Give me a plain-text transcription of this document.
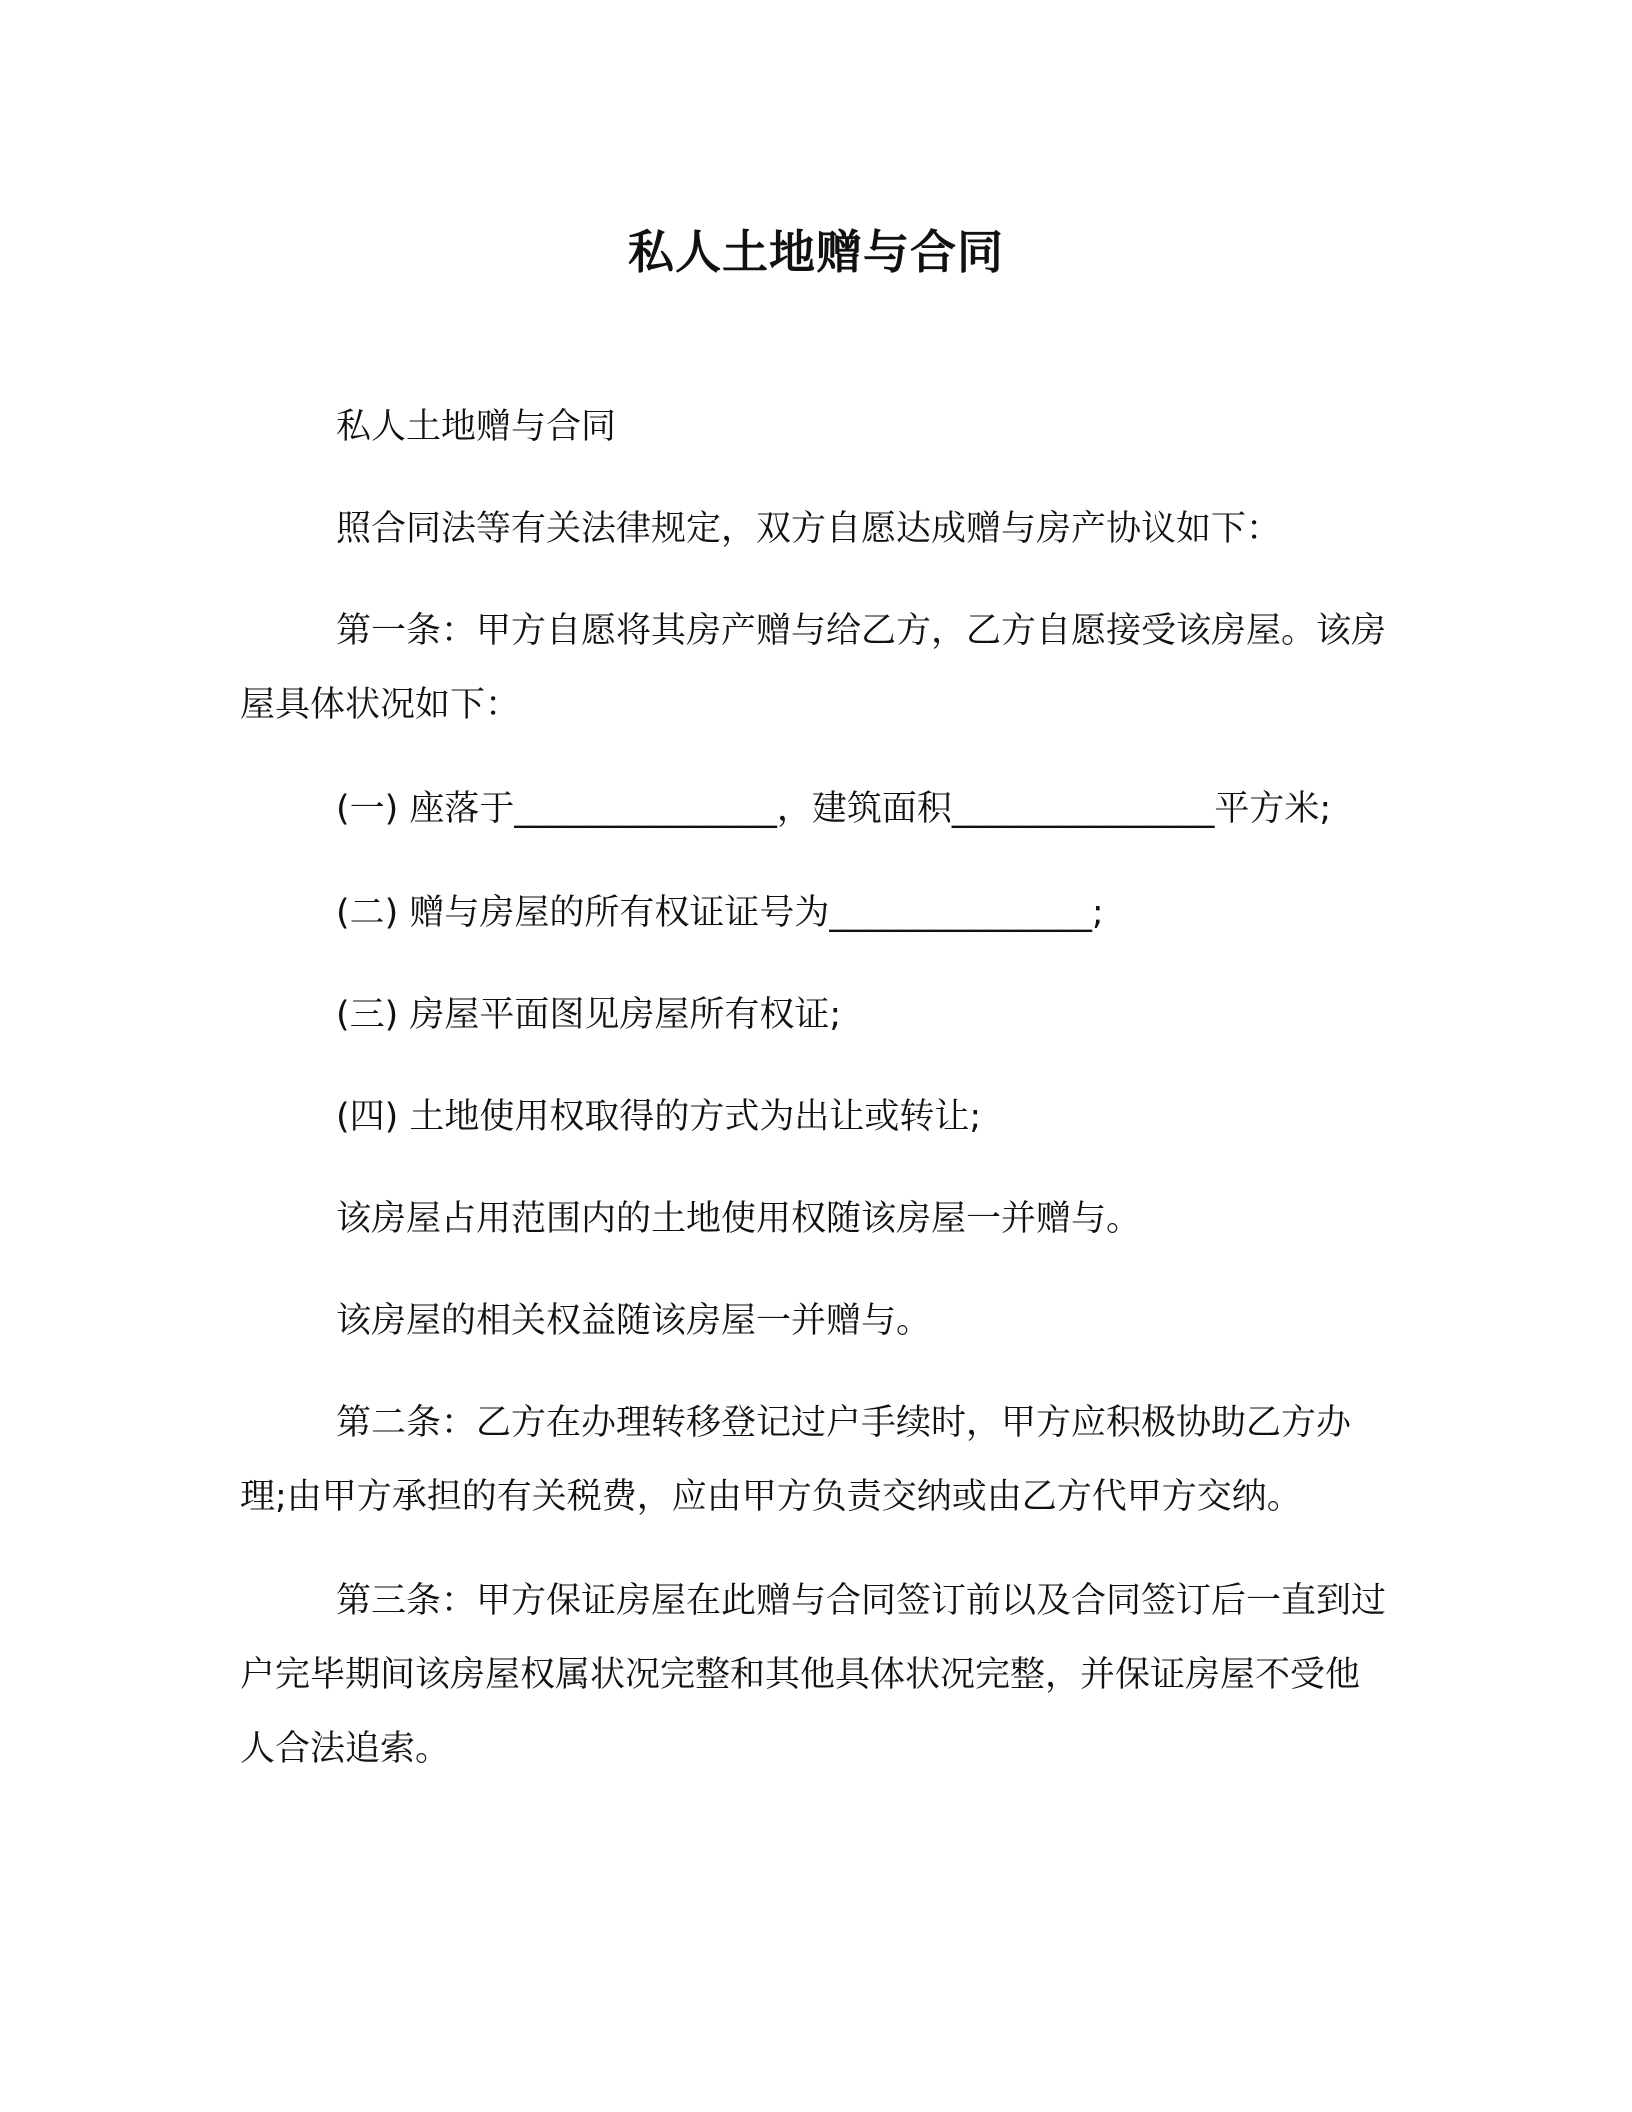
私人土地赠与合同

私人土地赠与合同

照合同法等有关法律规定，双方自愿达成赠与房产协议如下：

第一条：甲方自愿将其房产赠与给乙方，乙方自愿接受该房屋。该房屋具体状况如下：

(一) 座落于_______________，建筑面积_______________平方米;

(二) 赠与房屋的所有权证证号为_______________;

(三) 房屋平面图见房屋所有权证;

(四) 土地使用权取得的方式为出让或转让;

该房屋占用范围内的土地使用权随该房屋一并赠与。

该房屋的相关权益随该房屋一并赠与。

第二条：乙方在办理转移登记过户手续时，甲方应积极协助乙方办理;由甲方承担的有关税费，应由甲方负责交纳或由乙方代甲方交纳。

第三条：甲方保证房屋在此赠与合同签订前以及合同签订后一直到过户完毕期间该房屋权属状况完整和其他具体状况完整，并保证房屋不受他人合法追索。
